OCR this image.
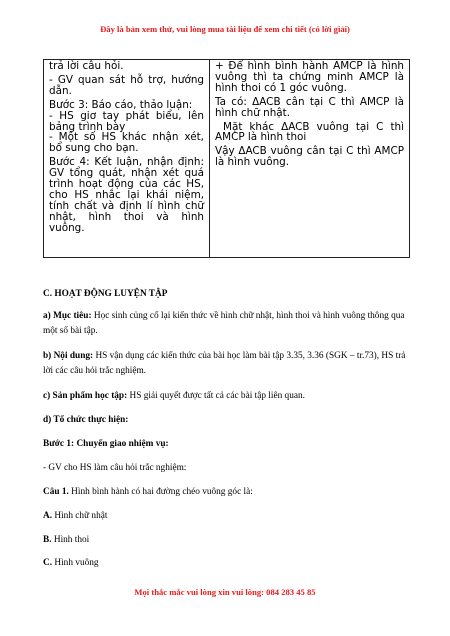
Đây là bản xem thử, vui lòng mua tài liệu để xem chi tiết (có lời giải)
trả lời câu hỏi.
- GV quan sát hỗ trợ, hướng dẫn.
Bước 3: Báo cáo, thảo luận:
- HS giơ tay phát biểu, lên bảng trình bày
- Một số HS khác nhận xét, bổ sung cho bạn.
Bước 4: Kết luận, nhận định: GV tổng quát, nhận xét quá trình hoạt động của các HS, cho HS nhắc lại khái niệm, tính chất và định lí hình chữ nhật, hình thoi và hình vuông.

+ Để hình bình hành AMCP là hình vuông thì ta chứng minh AMCP là hình thoi có 1 góc vuông.
Ta có: ΔACB cân tại C thì AMCP là hình chữ nhật.
Mặt khác ΔACB vuông tại C thì AMCP là hình thoi
Vậy ΔACB vuông cân tại C thì AMCP là hình vuông.
C. HOẠT ĐỘNG LUYỆN TẬP
a) Mục tiêu: Học sinh củng cố lại kiến thức về hình chữ nhật, hình thoi và hình vuông thông qua một số bài tập.
b) Nội dung: HS vận dụng các kiến thức của bài học làm bài tập 3.35, 3.36 (SGK – tr.73), HS trả lời các câu hỏi trắc nghiệm.
c) Sản phẩm học tập: HS giải quyết được tất cả các bài tập liên quan.
d) Tổ chức thực hiện:
Bước 1: Chuyển giao nhiệm vụ:
- GV cho HS làm câu hỏi trắc nghiệm:
Câu 1. Hình bình hành có hai đường chéo vuông góc là:
A. Hình chữ nhật
B. Hình thoi
C. Hình vuông
Mọi thắc mắc vui lòng xin vui lòng: 084 283 45 85
